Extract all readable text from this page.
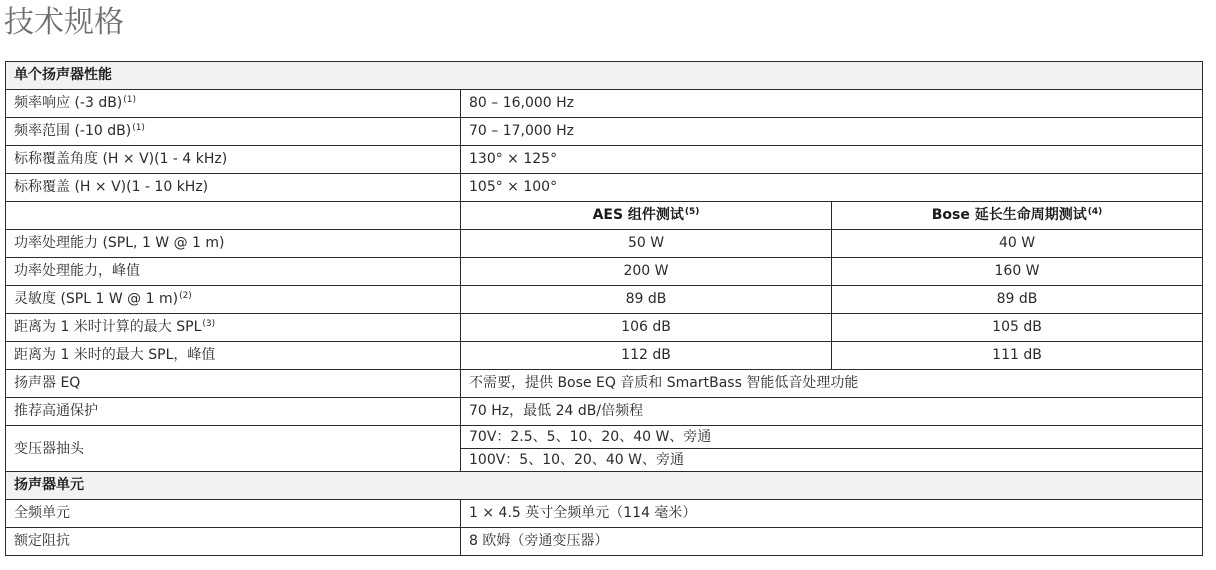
技术规格
单个扬声器性能		
频率响应 (-3 dB)$^{(1)}$	80 – 16,000 Hz	
频率范围 (-10 dB)$^{(1)}$	70 – 17,000 Hz	
标称覆盖角度 (H × V)(1 - 4 kHz)	130° × 125°	
标称覆盖 (H × V)(1 - 10 kHz)	105° × 100°	
	AES 组件测试$^{(5)}$	Bose 延长生命周期测试$^{(4)}$
功率处理能力 (SPL, 1 W @ 1 m)	50 W	40 W
功率处理能力，峰值	200 W	160 W
灵敏度 (SPL 1 W @ 1 m)$^{(2)}$	89 dB	89 dB
距离为 1 米时计算的最大 SPL$^{(3)}$	106 dB	105 dB
距离为 1 米时的最大 SPL，峰值	112 dB	111 dB
扬声器 EQ	不需要，提供 Bose EQ 音质和 SmartBass 智能低音处理功能	
推荐高通保护	70 Hz，最低 24 dB/倍频程	
变压器抽头	70V：2.5、5、10、20、40 W、旁通	
	100V：5、10、20、40 W、旁通	
扬声器单元		
全频单元	1 × 4.5 英寸全频单元（114 毫米）	
额定阻抗	8 欧姆（旁通变压器）	
